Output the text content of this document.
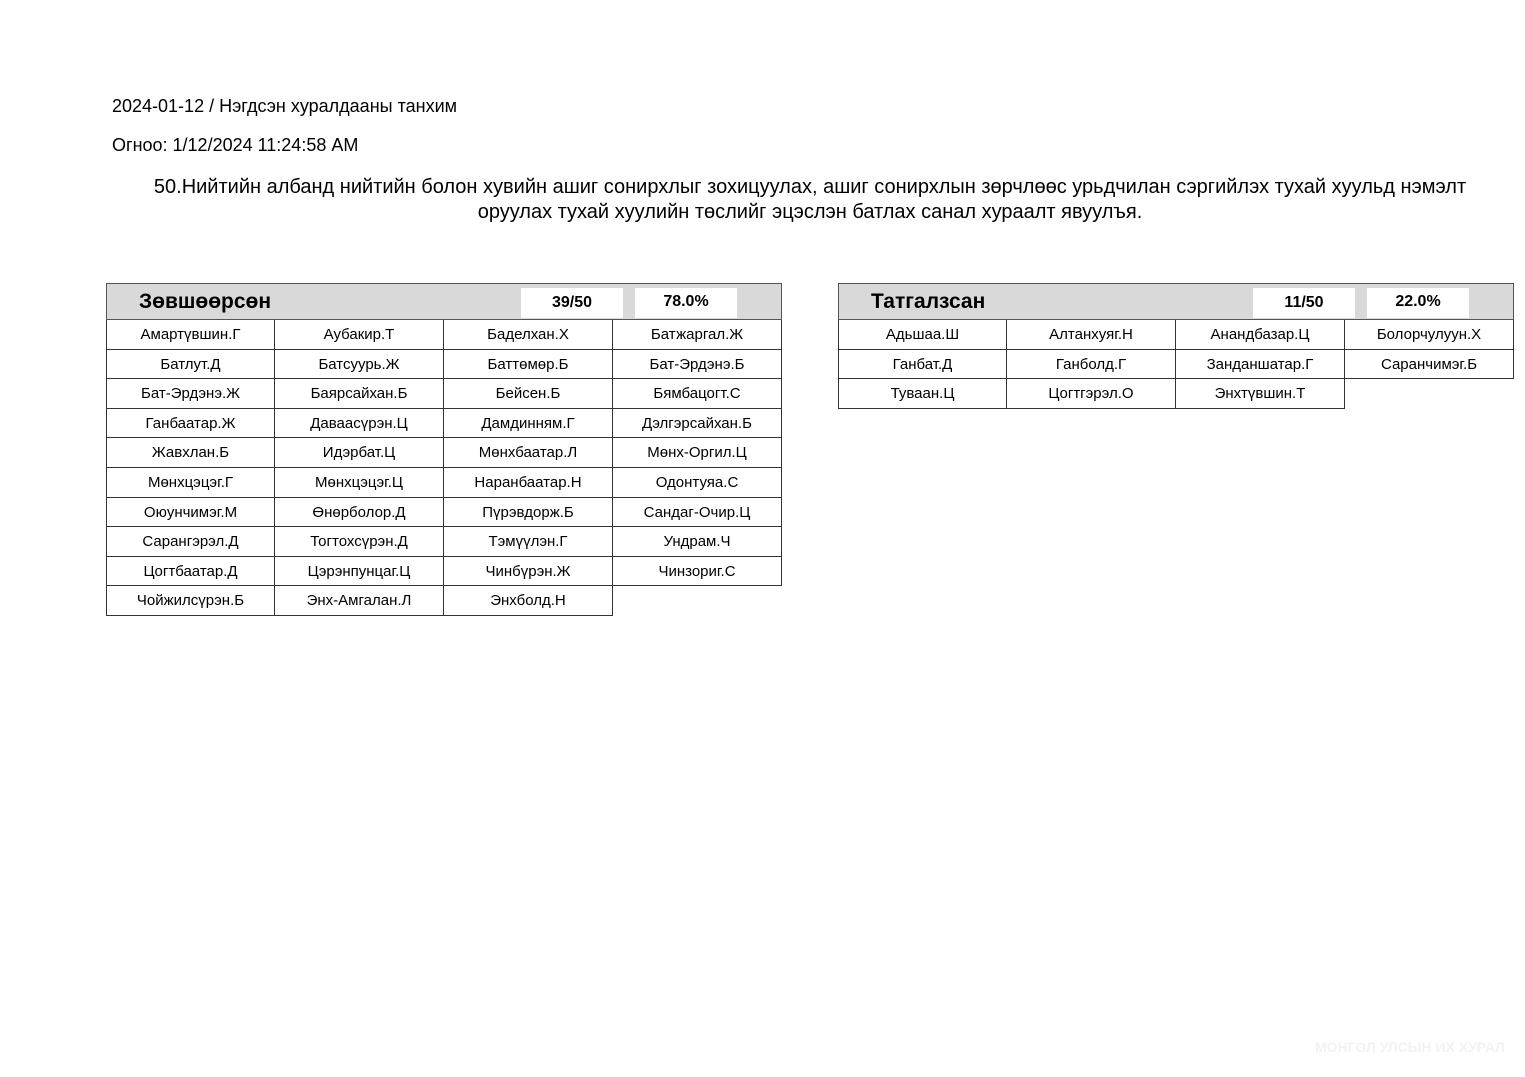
2024-01-12 / Нэгдсэн хуралдааны танхим
Огноо: 1/12/2024 11:24:58 AM
50.Нийтийн албанд нийтийн болон хувийн ашиг сонирхлыг зохицуулах, ашиг сонирхлын зөрчлөөс урьдчилан сэргийлэх тухай хуульд нэмэлт оруулах тухай хуулийн төслийг эцэслэн батлах санал хураалт явуулъя.
Зөвшөөрсөн	39/50	78.0%
Амартүвшин.Г	Аубакир.Т	Баделхан.Х	Батжаргал.Ж
Батлут.Д	Батсуурь.Ж	Баттөмөр.Б	Бат-Эрдэнэ.Б
Бат-Эрдэнэ.Ж	Баярсайхан.Б	Бейсен.Б	Бямбацогт.С
Ганбаатар.Ж	Даваасүрэн.Ц	Дамдинням.Г	Дэлгэрсайхан.Б
Жавхлан.Б	Идэрбат.Ц	Мөнхбаатар.Л	Мөнх-Оргил.Ц
Мөнхцэцэг.Г	Мөнхцэцэг.Ц	Наранбаатар.Н	Одонтуяа.С
Оюунчимэг.М	Өнөрболор.Д	Пүрэвдорж.Б	Сандаг-Очир.Ц
Сарангэрэл.Д	Тогтохсүрэн.Д	Тэмүүлэн.Г	Ундрам.Ч
Цогтбаатар.Д	Цэрэнпунцаг.Ц	Чинбүрэн.Ж	Чинзориг.С
Чойжилсүрэн.Б	Энх-Амгалан.Л	Энхболд.Н
Татгалзсан	11/50	22.0%
Адьшаа.Ш	Алтанхуяг.Н	Анандбазар.Ц	Болорчулуун.Х
Ганбат.Д	Ганболд.Г	Занданшатар.Г	Саранчимэг.Б
Туваан.Ц	Цогтгэрэл.О	Энхтүвшин.Т
МОНГОЛ УЛСЫН ИХ ХУРАЛ
